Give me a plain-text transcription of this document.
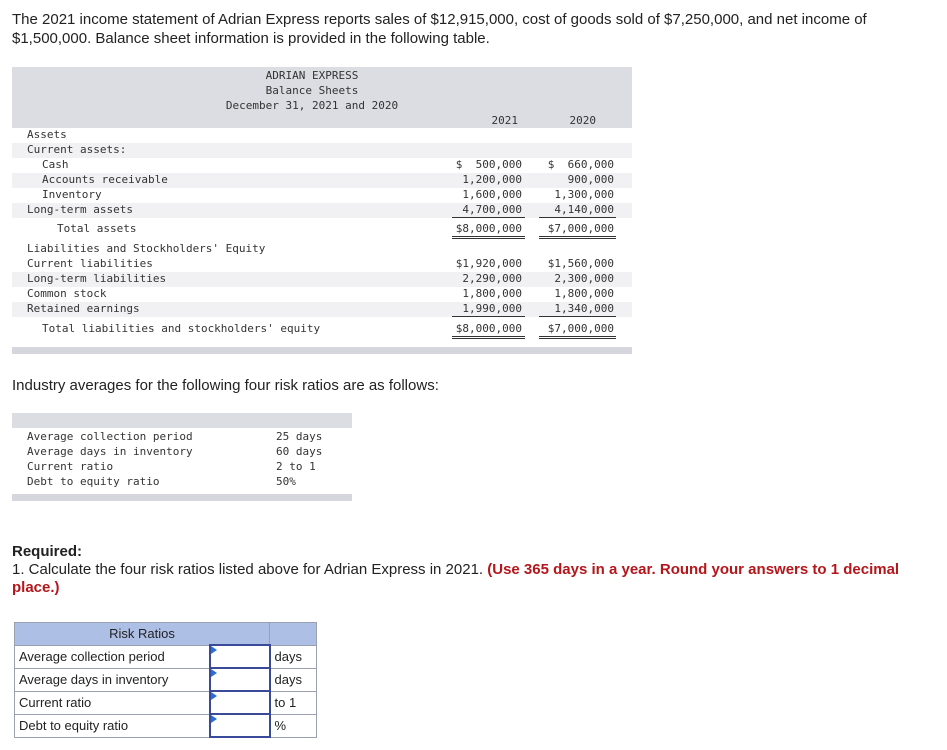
The 2021 income statement of Adrian Express reports sales of $12,915,000, cost of goods sold of $7,250,000, and net income of $1,500,000. Balance sheet information is provided in the following table.
ADRIAN EXPRESS
Balance Sheets
December 31, 2021 and 2020
2021	2020
Assets
Current assets:
Cash	$  500,000	$  660,000
Accounts receivable	1,200,000	900,000
Inventory	1,600,000	1,300,000
Long-term assets	4,700,000	4,140,000
Total assets	$8,000,000	$7,000,000
Liabilities and Stockholders' Equity
Current liabilities	$1,920,000	$1,560,000
Long-term liabilities	2,290,000	2,300,000
Common stock	1,800,000	1,800,000
Retained earnings	1,990,000	1,340,000
Total liabilities and stockholders' equity	$8,000,000	$7,000,000
Industry averages for the following four risk ratios are as follows:
Average collection period	25 days
Average days in inventory	60 days
Current ratio	2 to 1
Debt to equity ratio	50%
Required:
1. Calculate the four risk ratios listed above for Adrian Express in 2021. (Use 365 days in a year. Round your answers to 1 decimal place.)
Risk Ratios		
Average collection period		days
Average days in inventory		days
Current ratio		to 1
Debt to equity ratio		%
